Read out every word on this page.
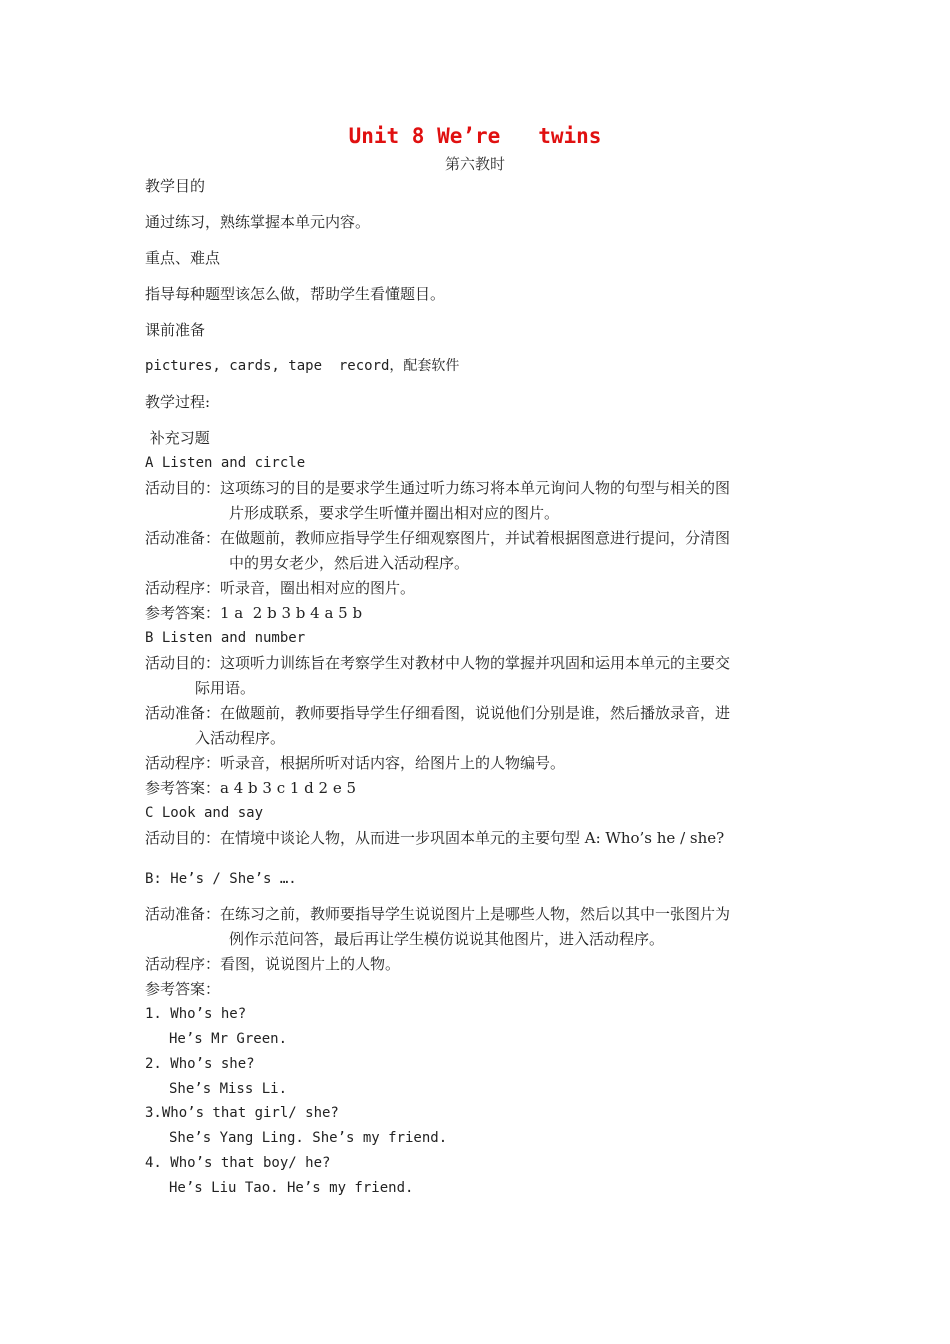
Unit 8 We’re   twins
第六教时
教学目的
通过练习，熟练掌握本单元内容。
重点、难点
指导每种题型该怎么做，帮助学生看懂题目。
课前准备
pictures, cards, tape  record，配套软件
教学过程:
补充习题
A Listen and circle
活动目的：这项练习的目的是要求学生通过听力练习将本单元询问人物的句型与相关的图
片形成联系，要求学生听懂并圈出相对应的图片。
活动准备：在做题前，教师应指导学生仔细观察图片，并试着根据图意进行提问，分清图
中的男女老少，然后进入活动程序。
活动程序：听录音，圈出相对应的图片。
参考答案：1 a  2 b 3 b 4 a 5 b
B Listen and number
活动目的：这项听力训练旨在考察学生对教材中人物的掌握并巩固和运用本单元的主要交
际用语。
活动准备：在做题前，教师要指导学生仔细看图，说说他们分别是谁，然后播放录音，进
入活动程序。
活动程序：听录音，根据所听对话内容，给图片上的人物编号。
参考答案：a 4 b 3 c 1 d 2 e 5
C Look and say
活动目的：在情境中谈论人物，从而进一步巩固本单元的主要句型 A: Who’s he / she?
B: He’s / She’s ….
活动准备：在练习之前，教师要指导学生说说图片上是哪些人物，然后以其中一张图片为
例作示范问答，最后再让学生模仿说说其他图片，进入活动程序。
活动程序：看图，说说图片上的人物。
参考答案：
1. Who’s he?
He’s Mr Green.
2. Who’s she?
She’s Miss Li.
3.Who’s that girl/ she?
She’s Yang Ling. She’s my friend.
4. Who’s that boy/ he?
He’s Liu Tao. He’s my friend.
